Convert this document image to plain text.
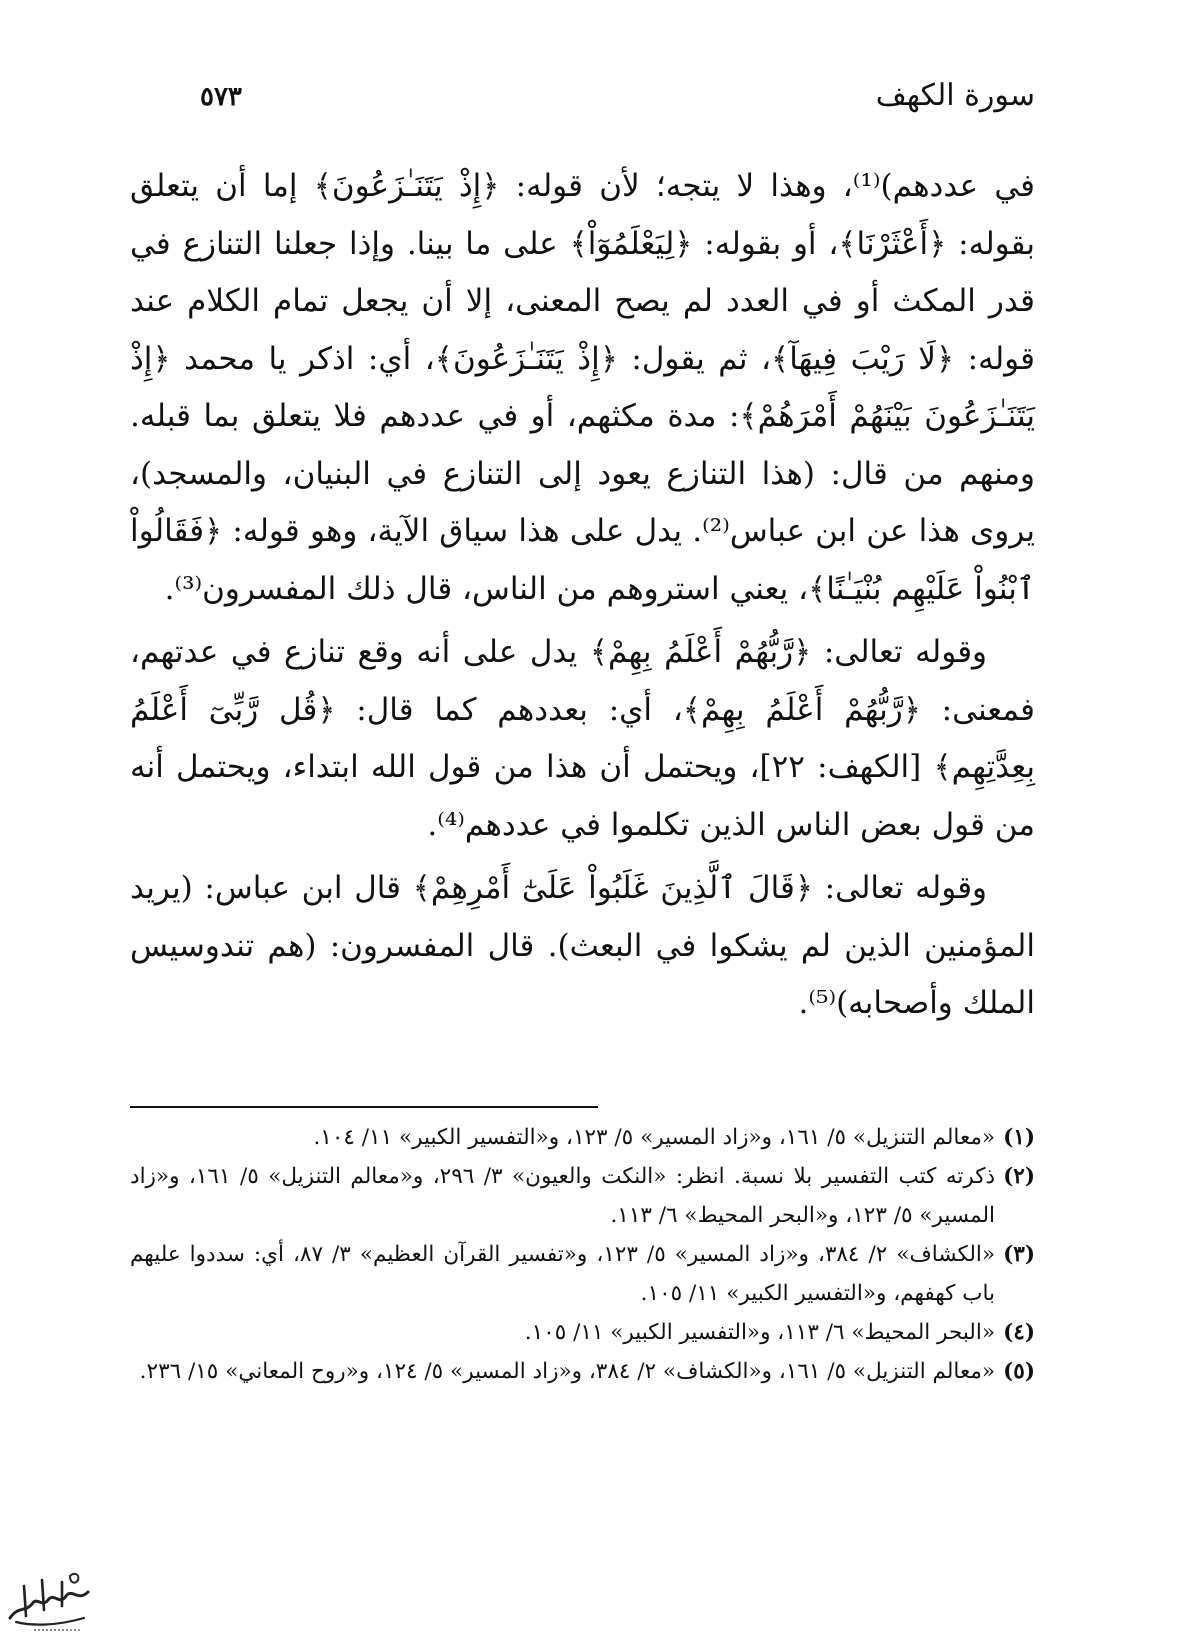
سورة الكهف
٥٧٣

في عددهم)⁽¹⁾، وهذا لا يتجه؛ لأن قوله: ﴿إِذْ يَتَنَـٰزَعُونَ﴾ إما أن يتعلق بقوله: ﴿أَعْثَرْنَا﴾، أو بقوله: ﴿لِيَعْلَمُوٓاْ﴾ على ما بينا. وإذا جعلنا التنازع في قدر المكث أو في العدد لم يصح المعنى، إلا أن يجعل تمام الكلام عند قوله: ﴿لَا رَيْبَ فِيهَآ﴾، ثم يقول: ﴿إِذْ يَتَنَـٰزَعُونَ﴾، أي: اذكر يا محمد ﴿إِذْ يَتَنَـٰزَعُونَ بَيْنَهُمْ أَمْرَهُمْ﴾: مدة مكثهم، أو في عددهم فلا يتعلق بما قبله. ومنهم من قال: (هذا التنازع يعود إلى التنازع في البنيان، والمسجد)، يروى هذا عن ابن عباس⁽²⁾. يدل على هذا سياق الآية، وهو قوله: ﴿فَقَالُواْ ٱبْنُواْ عَلَيْهِم بُنْيَـٰنًا﴾، يعني استروهم من الناس، قال ذلك المفسرون⁽³⁾.

وقوله تعالى: ﴿رَّبُّهُمْ أَعْلَمُ بِهِمْ﴾ يدل على أنه وقع تنازع في عدتهم، فمعنى: ﴿رَّبُّهُمْ أَعْلَمُ بِهِمْ﴾، أي: بعددهم كما قال: ﴿قُل رَّبِّىٓ أَعْلَمُ بِعِدَّتِهِم﴾ [الكهف: ٢٢]، ويحتمل أن هذا من قول الله ابتداء، ويحتمل أنه من قول بعض الناس الذين تكلموا في عددهم⁽⁴⁾.

وقوله تعالى: ﴿قَالَ ٱلَّذِينَ غَلَبُواْ عَلَىٰٓ أَمْرِهِمْ﴾ قال ابن عباس: (يريد المؤمنين الذين لم يشكوا في البعث). قال المفسرون: (هم تندوسيس الملك وأصحابه)⁽⁵⁾.

(١)
«معالم التنزيل» ٥/ ١٦١، و«زاد المسير» ٥/ ١٢٣، و«التفسير الكبير» ١١/ ١٠٤.
(٢)
ذكرته كتب التفسير بلا نسبة. انظر: «النكت والعيون» ٣/ ٢٩٦، و«معالم التنزيل» ٥/ ١٦١، و«زاد المسير» ٥/ ١٢٣، و«البحر المحيط» ٦/ ١١٣.
(٣)
«الكشاف» ٢/ ٣٨٤، و«زاد المسير» ٥/ ١٢٣، و«تفسير القرآن العظيم» ٣/ ٨٧، أي: سددوا عليهم باب كهفهم، و«التفسير الكبير» ١١/ ١٠٥.
(٤)
«البحر المحيط» ٦/ ١١٣، و«التفسير الكبير» ١١/ ١٠٥.
(٥)
«معالم التنزيل» ٥/ ١٦١، و«الكشاف» ٢/ ٣٨٤، و«زاد المسير» ٥/ ١٢٤، و«روح المعاني» ١٥/ ٢٣٦.
